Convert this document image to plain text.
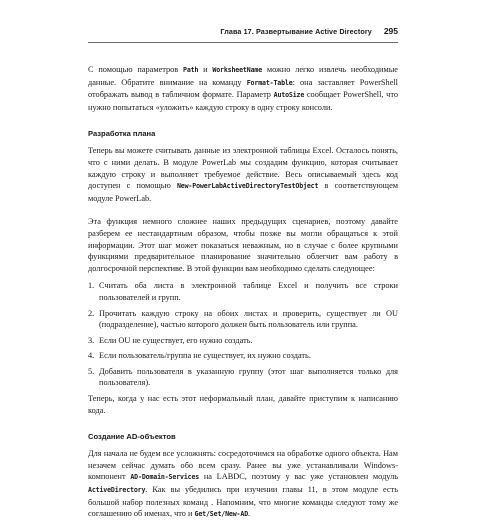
Глава 17. Развертывание Active Directory 295

С помощью параметров Path и WorksheetName можно легко извлечь необходимые данные. Обратите внимание на команду Format-Table: она заставляет PowerShell отображать вывод в табличном формате. Параметр AutoSize сообщает PowerShell, что нужно попытаться «уложить» каждую строку в одну строку консоли.

Разработка плана

Теперь вы можете считывать данные из электронной таблицы Excel. Осталось понять, что с ними делать. В модуле PowerLab мы создадим функцию, которая считывает каждую строку и выполняет требуемое действие. Весь описываемый здесь код доступен с помощью New-PowerLabActiveDirectoryTestObject в соответствующем модуле PowerLab.

Эта функция немного сложнее наших предыдущих сценариев, поэтому давайте разберем ее нестандартным образом, чтобы позже вы могли обращаться к этой информации. Этот шаг может показаться неважным, но в случае с более крупными функциями предварительное планирование значительно облегчит вам работу в долгосрочной перспективе. В этой функции вам необходимо сделать следующее:

1. Считать оба листа в электронной таблице Excel и получить все строки пользователей и групп.
2. Прочитать каждую строку на обоих листах и проверить, существует ли OU (подразделение), частью которого должен быть пользователь или группа.
3. Если OU не существует, его нужно создать.
4. Если пользователь/группа не существует, их нужно создать.
5. Добавить пользователя в указанную группу (этот шаг выполняется только для пользователя).

Теперь, когда у нас есть этот неформальный план, давайте приступим к написанию кода.

Создание AD-объектов

Для начала не будем все усложнять: сосредоточимся на обработке одного объекта. Нам незачем сейчас думать обо всем сразу. Ранее вы уже устанавливали Windows-компонент AD-Domain-Services на LABDC, поэтому у вас уже установлен модуль ActiveDirectory. Как вы убедились при изучении главы 11, в этом модуле есть большой набор полезных команд . Напомним, что многие команды следуют тому же соглашению об именах, что и Get/Set/New-AD.
